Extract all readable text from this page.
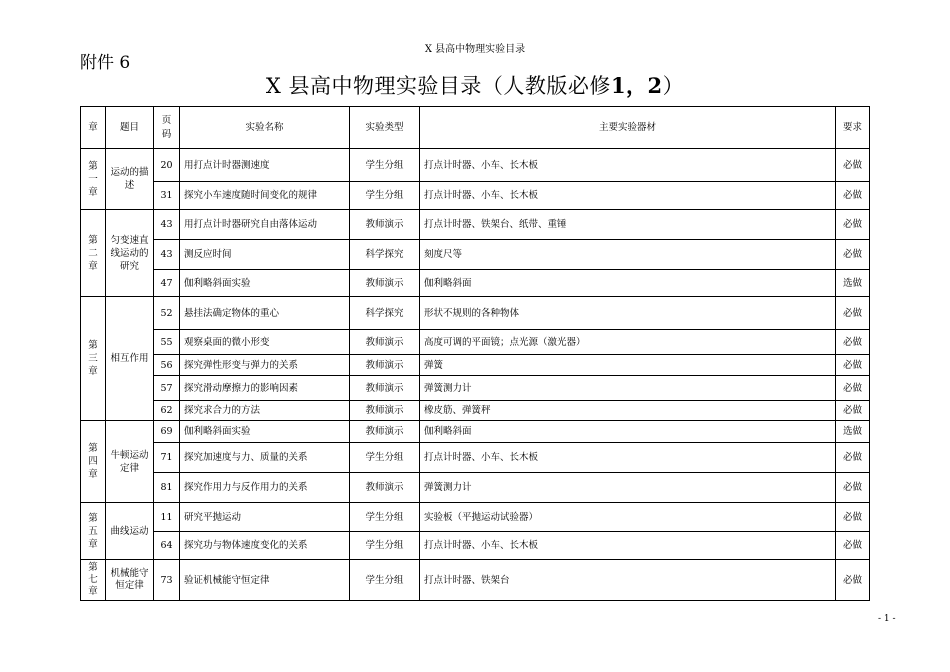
X 县高中物理实验目录
附件 6
X 县高中物理实验目录（人教版必修1，2）
章	题目	页码	实验名称	实验类型	主要实验器材	要求
第一章	运动的描述	20	用打点计时器测速度	学生分组	打点计时器、小车、长木板	必做
		31	探究小车速度随时间变化的规律	学生分组	打点计时器、小车、长木板	必做
第二章	匀变速直线运动的研究	43	用打点计时器研究自由落体运动	教师演示	打点计时器、铁架台、纸带、重锤	必做
		43	测反应时间	科学探究	刻度尺等	必做
		47	伽利略斜面实验	教师演示	伽利略斜面	选做
第三章	相互作用	52	悬挂法确定物体的重心	科学探究	形状不规则的各种物体	必做
		55	观察桌面的微小形变	教师演示	高度可调的平面镜；点光源（激光器）	必做
		56	探究弹性形变与弹力的关系	教师演示	弹簧	必做
		57	探究滑动摩擦力的影响因素	教师演示	弹簧测力计	必做
		62	探究求合力的方法	教师演示	橡皮筋、弹簧秤	必做
第四章	牛顿运动定律	69	伽利略斜面实验	教师演示	伽利略斜面	选做
		71	探究加速度与力、质量的关系	学生分组	打点计时器、小车、长木板	必做
		81	探究作用力与反作用力的关系	教师演示	弹簧测力计	必做
第五章	曲线运动	11	研究平抛运动	学生分组	实验板（平抛运动试验器）	必做
		64	探究功与物体速度变化的关系	学生分组	打点计时器、小车、长木板	必做
第七章	机械能守恒定律	73	验证机械能守恒定律	学生分组	打点计时器、铁架台	必做
- 1 -
